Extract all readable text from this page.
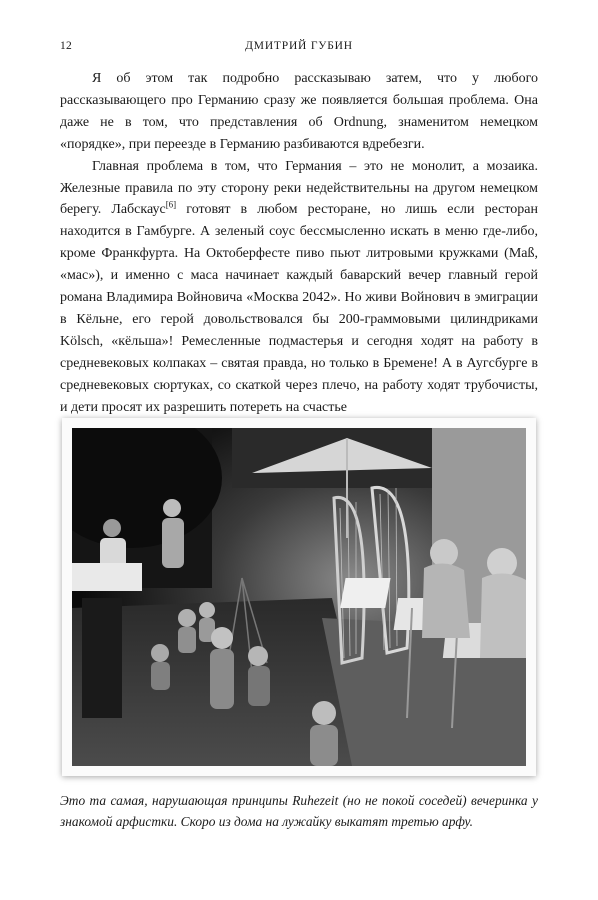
12	ДМИТРИЙ ГУБИН

Я об этом так подробно рассказываю затем, что у любого рассказывающего про Германию сразу же появляется большая проблема. Она даже не в том, что представления об Ordnung, знаменитом немецком «порядке», при переезде в Германию разбиваются вдребезги.

Главная проблема в том, что Германия – это не монолит, а мозаика. Железные правила по эту сторону реки недействительны на другом немецком берегу. Лабскаус[6] готовят в любом ресторане, но лишь если ресторан находится в Гамбурге. А зеленый соус бессмысленно искать в меню где-либо, кроме Франкфурта. На Октоберфесте пиво пьют литровыми кружками (Maß, «мас»), и именно с маса начинает каждый баварский вечер главный герой романа Владимира Войновича «Москва 2042». Но живи Войнович в эмиграции в Кёльне, его герой довольствовался бы 200-граммовыми цилиндриками Kölsch, «кёльша»! Ремесленные подмастерья и сегодня ходят на работу в средневековых колпаках – святая правда, но только в Бремене! А в Аугсбурге в средневековых сюртуках, со скаткой через плечо, на работу ходят трубочисты, и дети просят их разрешить потереть на счастье

Это та самая, нарушающая принципы Ruhezeit (но не покой соседей) вечеринка у знакомой арфистки. Скоро из дома на лужайку выкатят третью арфу.
